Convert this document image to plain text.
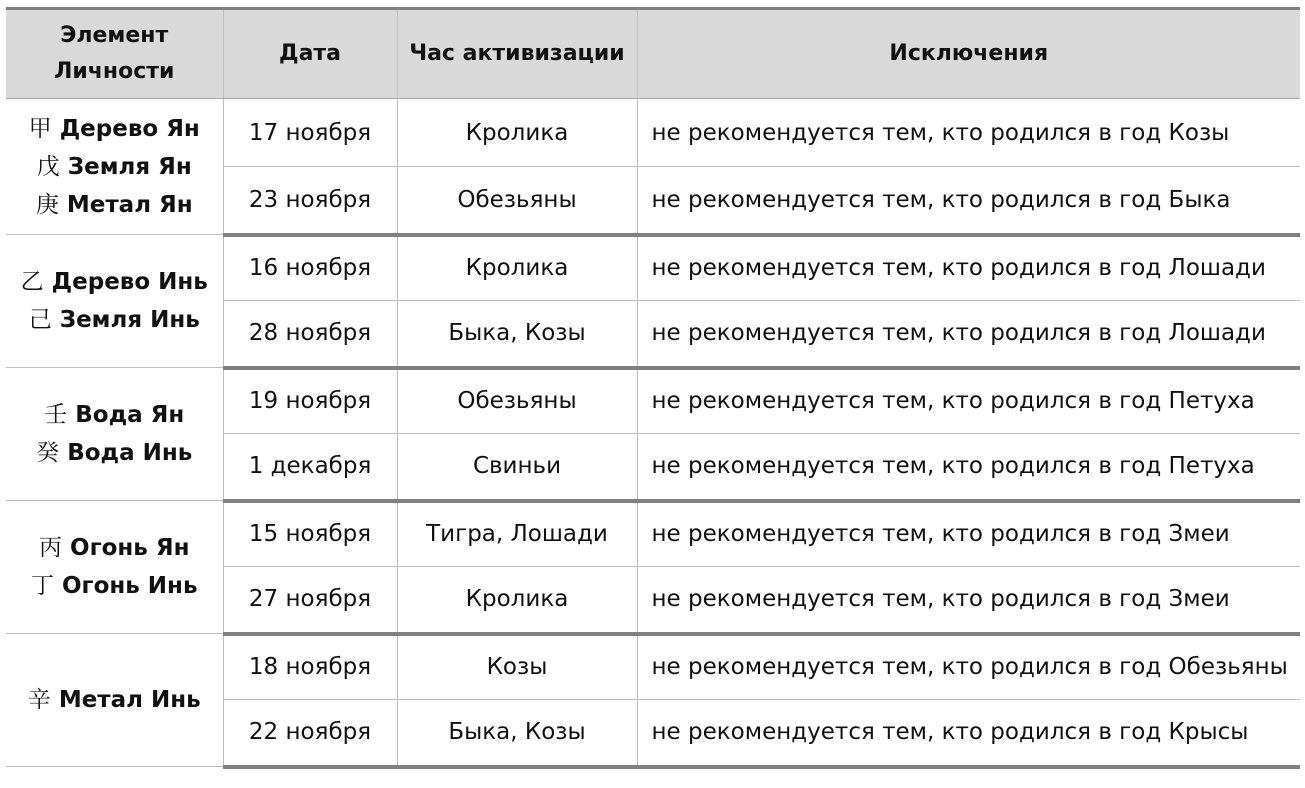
Элемент Личности	Дата	Час активизации	Исключения

甲 Дерево Ян
戊 Земля Ян
庚 Метал Ян	17 ноября	Кролика	не рекомендуется тем, кто родился в год Козы
	23 ноября	Обезьяны	не рекомендуется тем, кто родился в год Быка

乙 Дерево Инь
己 Земля Инь	16 ноября	Кролика	не рекомендуется тем, кто родился в год Лошади
	28 ноября	Быка, Козы	не рекомендуется тем, кто родился в год Лошади

壬 Вода Ян
癸 Вода Инь	19 ноября	Обезьяны	не рекомендуется тем, кто родился в год Петуха
	1 декабря	Свиньи	не рекомендуется тем, кто родился в год Петуха

丙 Огонь Ян
丁 Огонь Инь	15 ноября	Тигра, Лошади	не рекомендуется тем, кто родился в год Змеи
	27 ноября	Кролика	не рекомендуется тем, кто родился в год Змеи

辛 Метал Инь	18 ноября	Козы	не рекомендуется тем, кто родился в год Обезьяны
	22 ноября	Быка, Козы	не рекомендуется тем, кто родился в год Крысы
